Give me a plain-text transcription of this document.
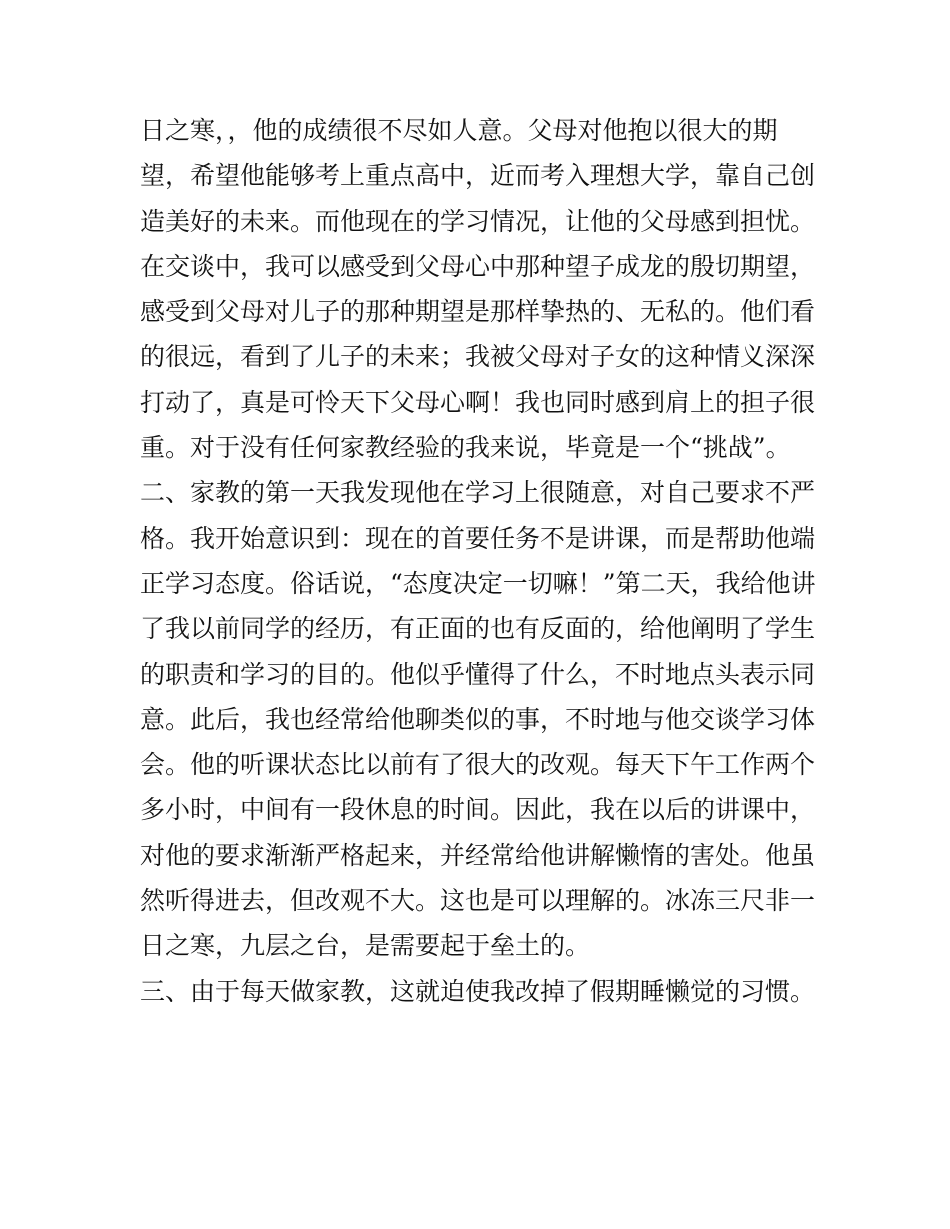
日之寒，，他的成绩很不尽如人意。父母对他抱以很大的期
望，希望他能够考上重点高中，近而考入理想大学，靠自己创
造美好的未来。而他现在的学习情况，让他的父母感到担忧。
在交谈中，我可以感受到父母心中那种望子成龙的殷切期望，
感受到父母对儿子的那种期望是那样挚热的、无私的。他们看
的很远，看到了儿子的未来；我被父母对子女的这种情义深深
打动了，真是可怜天下父母心啊！我也同时感到肩上的担子很
重。对于没有任何家教经验的我来说，毕竟是一个“挑战”。
二、家教的第一天我发现他在学习上很随意，对自己要求不严
格。我开始意识到：现在的首要任务不是讲课，而是帮助他端
正学习态度。俗话说，“态度决定一切嘛！”第二天，我给他讲
了我以前同学的经历，有正面的也有反面的，给他阐明了学生
的职责和学习的目的。他似乎懂得了什么，不时地点头表示同
意。此后，我也经常给他聊类似的事，不时地与他交谈学习体
会。他的听课状态比以前有了很大的改观。每天下午工作两个
多小时，中间有一段休息的时间。因此，我在以后的讲课中，
对他的要求渐渐严格起来，并经常给他讲解懒惰的害处。他虽
然听得进去，但改观不大。这也是可以理解的。冰冻三尺非一
日之寒，九层之台，是需要起于垒土的。
三、由于每天做家教，这就迫使我改掉了假期睡懒觉的习惯。
